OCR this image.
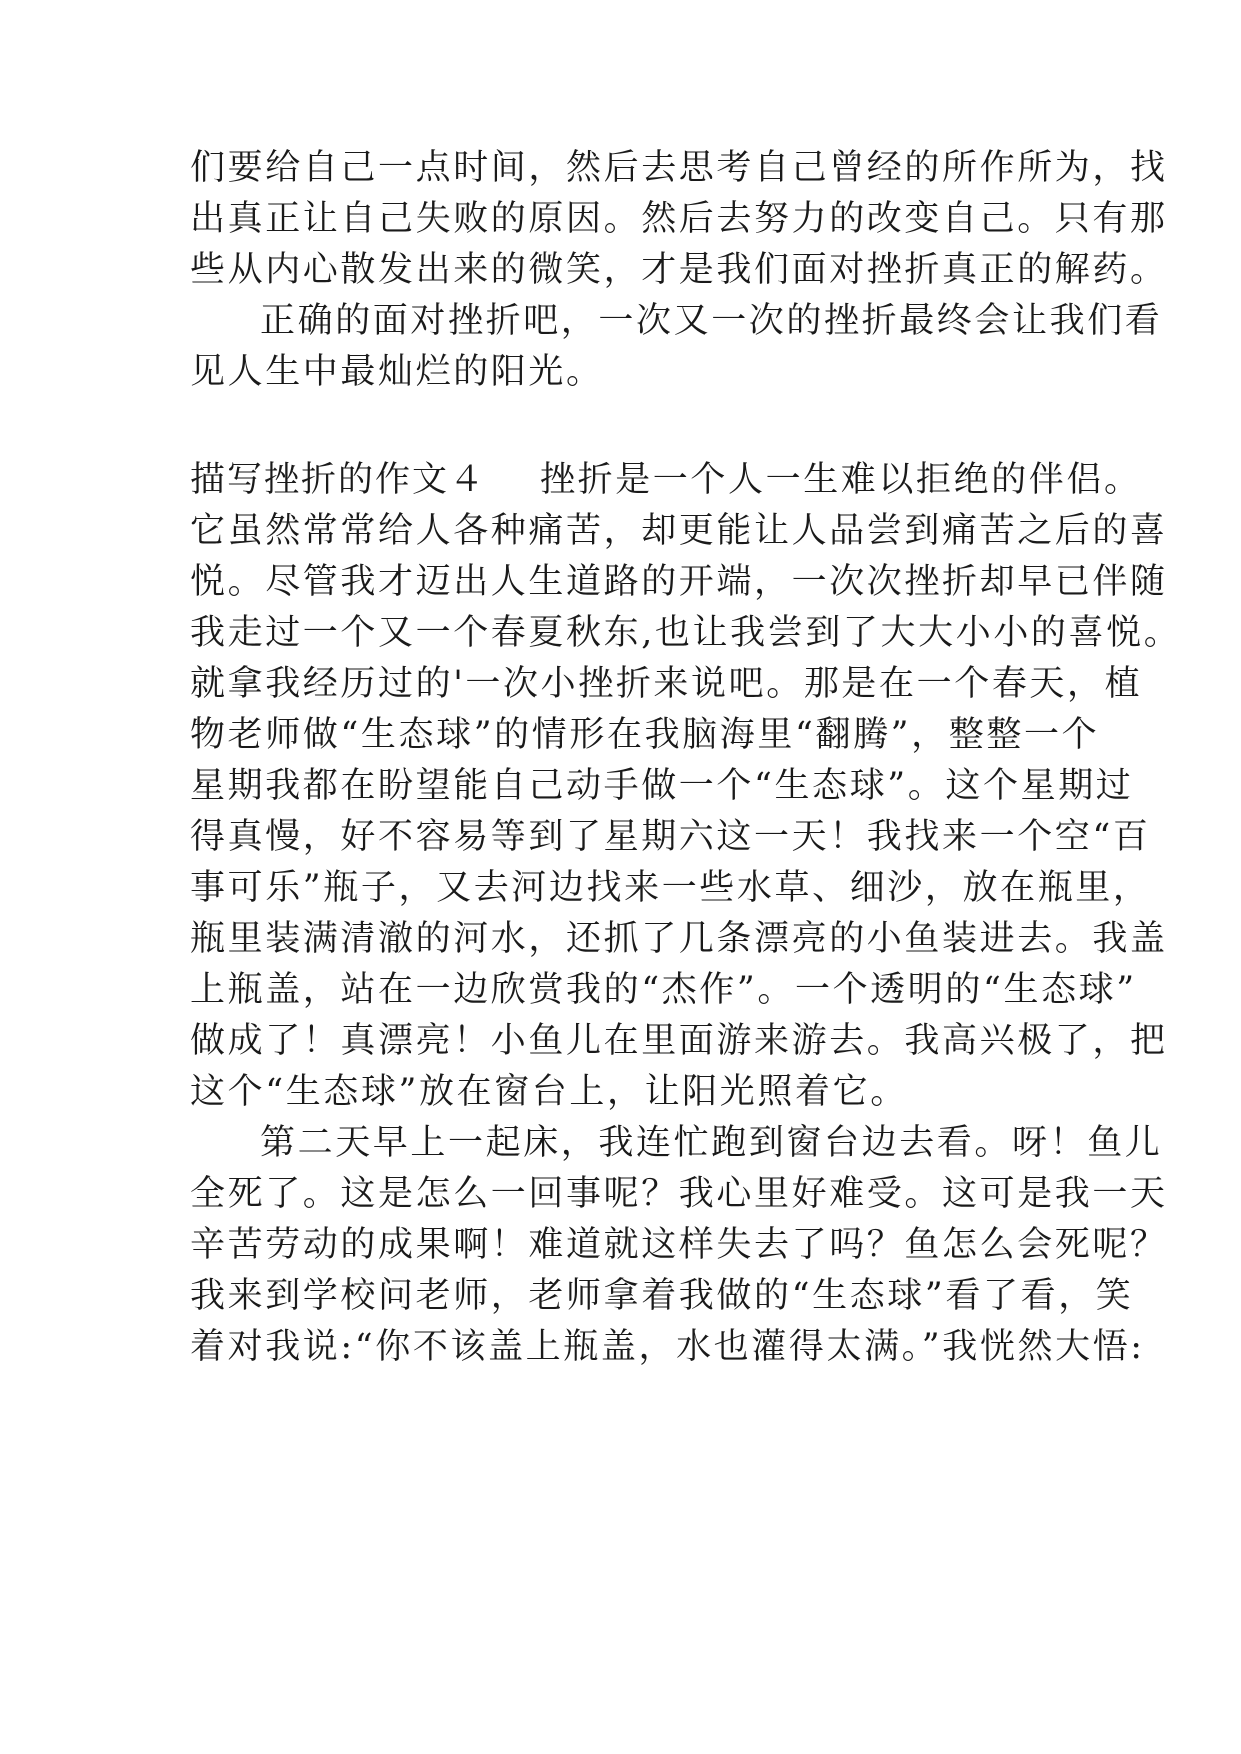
们要给自己一点时间，然后去思考自己曾经的所作所为，找
出真正让自己失败的原因。然后去努力的改变自己。只有那
些从内心散发出来的微笑，才是我们面对挫折真正的解药。
正确的面对挫折吧，一次又一次的挫折最终会让我们看
见人生中最灿烂的阳光。
描写挫折的作文４ 挫折是一个人一生难以拒绝的伴侣。
它虽然常常给人各种痛苦，却更能让人品尝到痛苦之后的喜
悦。尽管我才迈出人生道路的开端，一次次挫折却早已伴随
我走过一个又一个春夏秋东,也让我尝到了大大小小的喜悦。
就拿我经历过的'一次小挫折来说吧。那是在一个春天，植
物老师做“生态球”的情形在我脑海里“翻腾”，整整一个
星期我都在盼望能自己动手做一个“生态球”。这个星期过
得真慢，好不容易等到了星期六这一天！我找来一个空“百
事可乐”瓶子，又去河边找来一些水草、细沙，放在瓶里，
瓶里装满清澈的河水，还抓了几条漂亮的小鱼装进去。我盖
上瓶盖，站在一边欣赏我的“杰作”。一个透明的“生态球”
做成了！真漂亮！小鱼儿在里面游来游去。我高兴极了，把
这个“生态球”放在窗台上，让阳光照着它。
第二天早上一起床，我连忙跑到窗台边去看。呀！鱼儿
全死了。这是怎么一回事呢？我心里好难受。这可是我一天
辛苦劳动的成果啊！难道就这样失去了吗？鱼怎么会死呢？
我来到学校问老师，老师拿着我做的“生态球”看了看，笑
着对我说:“你不该盖上瓶盖，水也灌得太满。”我恍然大悟:
